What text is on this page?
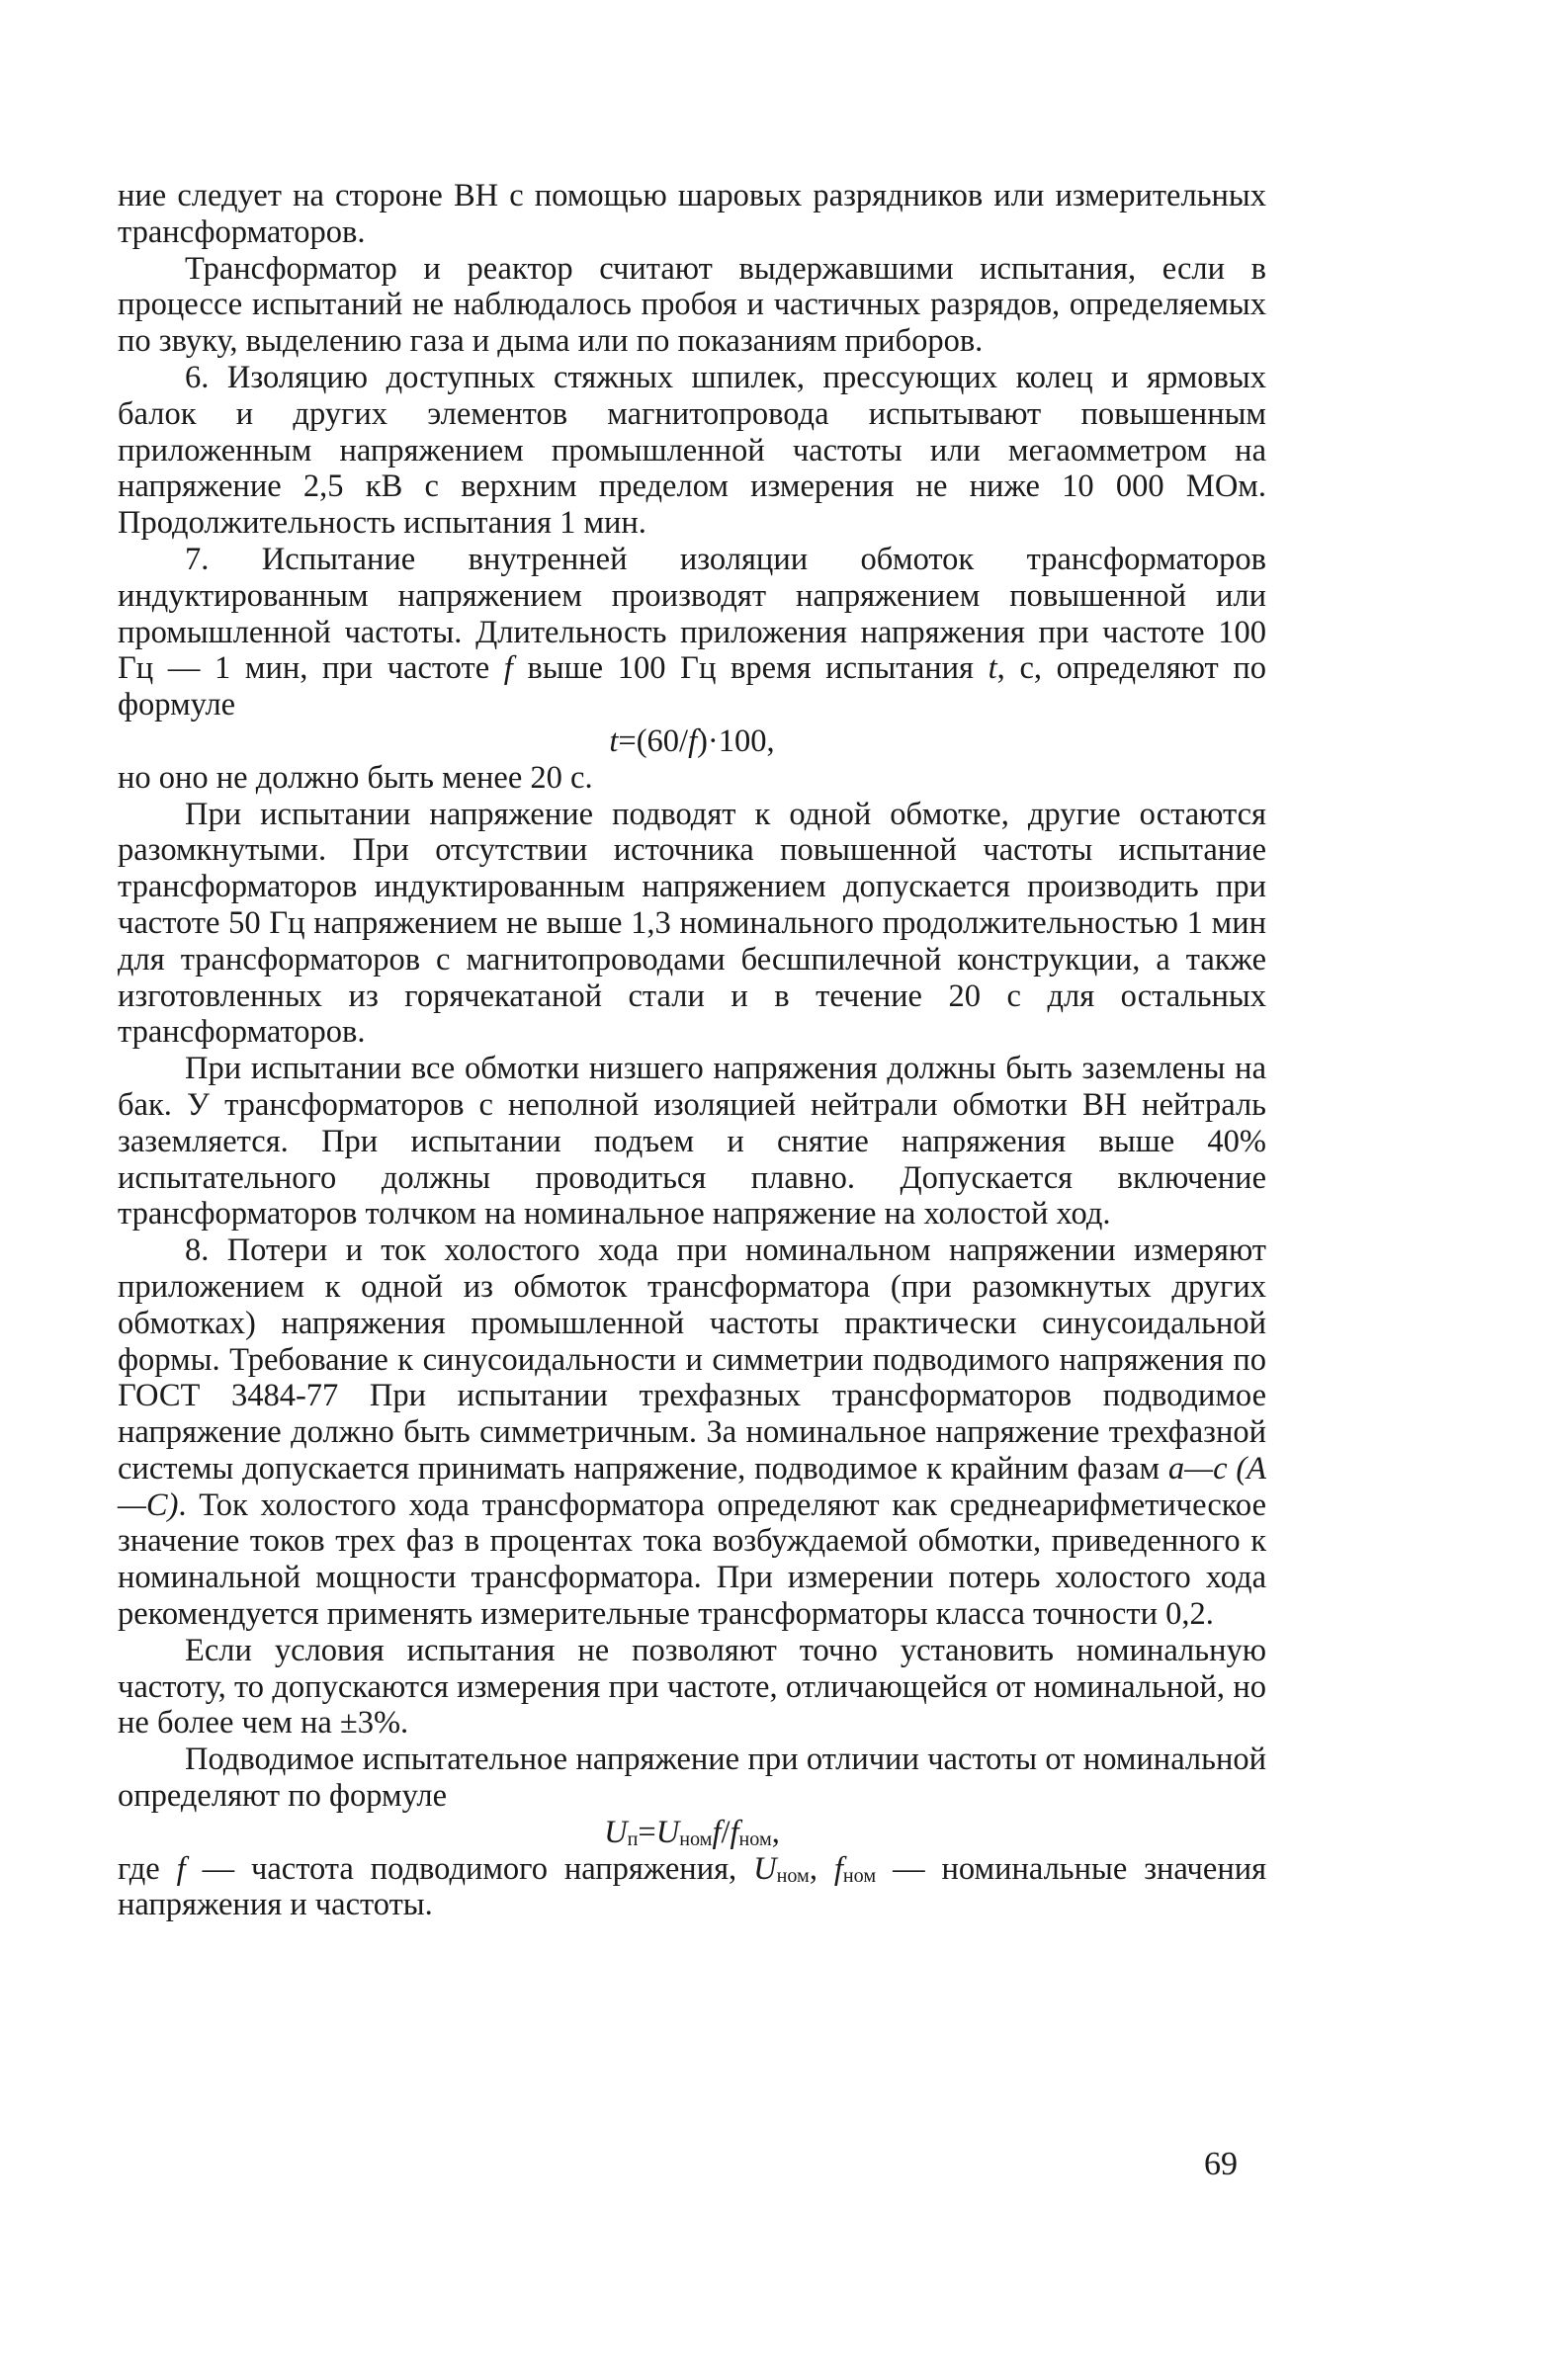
ние следует на стороне ВН с помощью шаровых разрядников или измерительных трансформаторов.

Трансформатор и реактор считают выдержавшими испытания, если в процессе испытаний не наблюдалось пробоя и частичных разрядов, определяемых по звуку, выделению газа и дыма или по показаниям приборов.

6. Изоляцию доступных стяжных шпилек, прессующих колец и ярмовых балок и других элементов магнитопровода испытывают повышенным приложенным напряжением промышленной частоты или мегаомметром на напряжение 2,5 кВ с верхним пределом измерения не ниже 10 000 МОм. Продолжительность испытания 1 мин.

7. Испытание внутренней изоляции обмоток трансформаторов индуктированным напряжением производят напряжением повышенной или промышленной частоты. Длительность приложения напряжения при частоте 100 Гц — 1 мин, при частоте f выше 100 Гц время испытания t, с, определяют по формуле

t=(60/f)·100,

но оно не должно быть менее 20 с.

При испытании напряжение подводят к одной обмотке, другие остаются разомкнутыми. При отсутствии источника повышенной частоты испытание трансформаторов индуктированным напряжением допускается производить при частоте 50 Гц напряжением не выше 1,3 номинального продолжительностью 1 мин для трансформаторов с магнитопроводами бесшпилечной конструкции, а также изготовленных из горячекатаной стали и в течение 20 с для остальных трансформаторов.

При испытании все обмотки низшего напряжения должны быть заземлены на бак. У трансформаторов с неполной изоляцией нейтрали обмотки ВН нейтраль заземляется. При испытании подъем и снятие напряжения выше 40% испытательного должны проводиться плавно. Допускается включение трансформаторов толчком на номинальное напряжение на холостой ход.

8. Потери и ток холостого хода при номинальном напряжении измеряют приложением к одной из обмоток трансформатора (при разомкнутых других обмотках) напряжения промышленной частоты практически синусоидальной формы. Требование к синусоидальности и симметрии подводимого напряжения по ГОСТ 3484-77 При испытании трехфазных трансформаторов подводимое напряжение должно быть симметричным. За номинальное напряжение трехфазной системы допускается принимать напряжение, подводимое к крайним фазам a—c (A—C). Ток холостого хода трансформатора определяют как среднеарифметическое значение токов трех фаз в процентах тока возбуждаемой обмотки, приведенного к номинальной мощности трансформатора. При измерении потерь холостого хода рекомендуется применять измерительные трансформаторы класса точности 0,2.

Если условия испытания не позволяют точно установить номинальную частоту, то допускаются измерения при частоте, отличающейся от номинальной, но не более чем на ±3%.

Подводимое испытательное напряжение при отличии частоты от номинальной определяют по формуле

$U_п=U_{ном}f/f_{ном}$,

где f — частота подводимого напряжения, $U_{ном}$, $f_{ном}$ — номинальные значения напряжения и частоты.

69
